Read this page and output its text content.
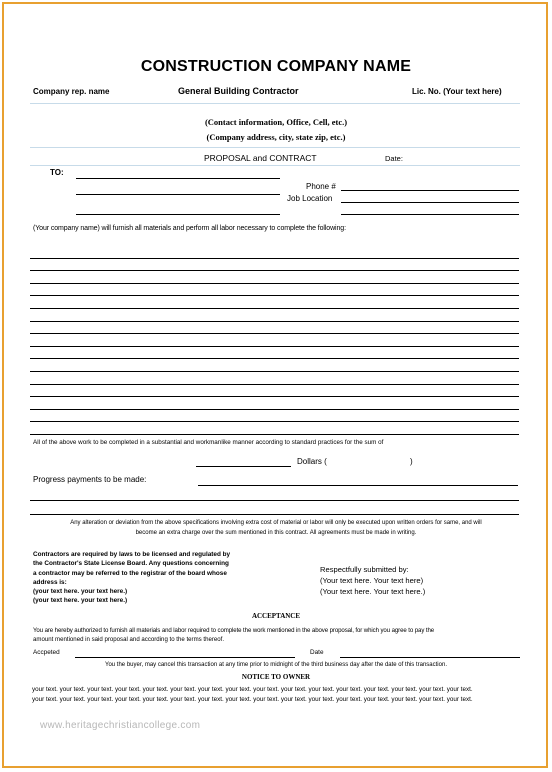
CONSTRUCTION COMPANY NAME
Company rep. name	General Building Contractor	Lic. No. (Your text here)
(Contact information, Office, Cell, etc.)
(Company address, city, state zip, etc.)
PROPOSAL and CONTRACT	Date:
TO:
Phone #
Job Location
(Your company name) will furnish all materials and perform all labor necessary to complete the following:
All of the above work to be completed in a substantial and workmanlike manner according to standard practices for the sum of
Dollars (	)
Progress payments to be made:
Any alteration or deviation from the above specifications involving extra cost of material or labor will only be executed upon written orders for same, and will
become an extra charge over the sum mentioned in this contract. All agreements must be made in writing.
Contractors are required by laws to be licensed and regulated by
the Contractor's State License Board. Any questions concerning
a contractor may be referred to the registrar of the board whose
address is:
(your text here. your text here.)
(your text here. your text here.)
Respectfully submitted by:
(Your text here. Your text here)
(Your text here. Your text here.)
ACCEPTANCE
You are hereby authorized to furnish all materials and labor required to complete the work mentioned in the above proposal, for which you agree to pay the
amount mentioned in said proposal and according to the terms thereof.
Accpeted	Date
You the buyer, may cancel this transaction at any time prior to midnight of the third business day after the date of this transaction.
NOTICE TO OWNER
your text. your text. your text. your text. your text. your text. your text. your text. your text. your text. your text. your text. your text. your text. your text. your text.
your text. your text. your text. your text. your text. your text. your text. your text. your text. your text. your text. your text. your text. your text. your text. your text.
www.heritagechristiancollege.com
